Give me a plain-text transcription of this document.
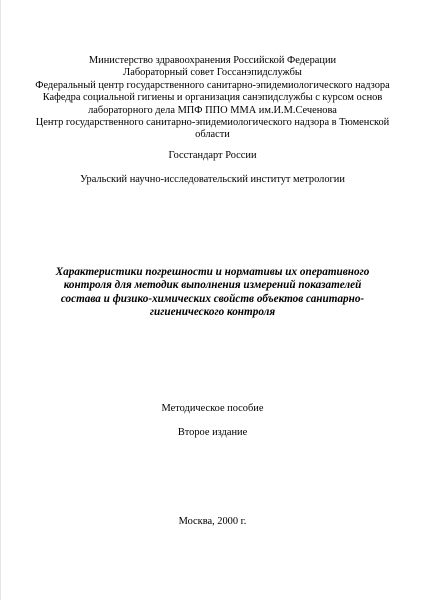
Министерство здравоохранения Российской Федерации
Лабораторный совет Госсанэпидслужбы
Федеральный центр государственного санитарно-эпидемиологического надзора
Кафедра социальной гигиены и организация санэпидслужбы с курсом основ
лабораторного дела МПФ ППО ММА им.И.М.Сеченова
Центр государственного санитарно-эпидемиологического надзора в Тюменской
области
Госстандарт России
Уральский научно-исследовательский институт метрологии
Характеристики погрешности и нормативы их оперативного
контроля для методик выполнения измерений показателей
состава и физико-химических свойств объектов санитарно-
гигиенического контроля
Методическое пособие
Второе издание
Москва, 2000 г.
